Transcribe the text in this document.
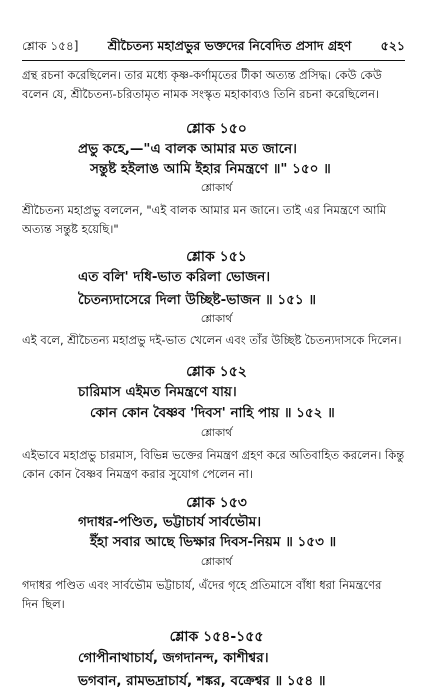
শ্লোক ১৫৪] শ্রীচৈতন্য মহাপ্রভুর ভক্তদের নিবেদিত প্রসাদ গ্রহণ ৫২১
গ্রন্থ রচনা করেছিলেন। তার মধ্যে কৃষ্ণ-কর্ণামৃতের টীকা অত্যন্ত প্রসিদ্ধ। কেউ কেউ
বলেন যে, শ্রীচৈতন্য-চরিতামৃত নামক সংস্কৃত মহাকাব্যও তিনি রচনা করেছিলেন।
শ্লোক ১৫০
প্রভু কহে,—"এ বালক আমার মত জানে।
সন্তুষ্ট হইলাঙ আমি ইহার নিমন্ত্রণে ॥" ১৫০ ॥
শ্লোকার্থ
শ্রীচৈতন্য মহাপ্রভু বললেন, "এই বালক আমার মন জানে। তাই এর নিমন্ত্রণে আমি
অত্যন্ত সন্তুষ্ট হয়েছি।"
শ্লোক ১৫১
এত বলি' দধি-ভাত করিলা ভোজন।
চৈতন্যদাসেরে দিলা উচ্ছিষ্ট-ভাজন ॥ ১৫১ ॥
শ্লোকার্থ
এই বলে, শ্রীচৈতন্য মহাপ্রভু দই-ভাত খেলেন এবং তাঁর উচ্ছিষ্ট চৈতন্যদাসকে দিলেন।
শ্লোক ১৫২
চারিমাস এইমত নিমন্ত্রণে যায়।
কোন কোন বৈষ্ণব 'দিবস' নাহি পায় ॥ ১৫২ ॥
শ্লোকার্থ
এইভাবে মহাপ্রভু চারমাস, বিভিন্ন ভক্তের নিমন্ত্রণ গ্রহণ করে অতিবাহিত করলেন। কিন্তু
কোন কোন বৈষ্ণব নিমন্ত্রণ করার সুযোগ পেলেন না।
শ্লোক ১৫৩
গদাধর-পণ্ডিত, ভট্টাচার্য সার্বভৌম।
ইঁহা সবার আছে ভিক্ষার দিবস-নিয়ম ॥ ১৫৩ ॥
শ্লোকার্থ
গদাধর পণ্ডিত এবং সার্বভৌম ভট্টাচার্য, এঁদের গৃহে প্রতিমাসে বাঁধা ধরা নিমন্ত্রণের
দিন ছিল।
শ্লোক ১৫৪-১৫৫
গোপীনাথাচার্য, জগদানন্দ, কাশীশ্বর।
ভগবান, রামভদ্রাচার্য, শঙ্কর, বক্রেশ্বর ॥ ১৫৪ ॥
